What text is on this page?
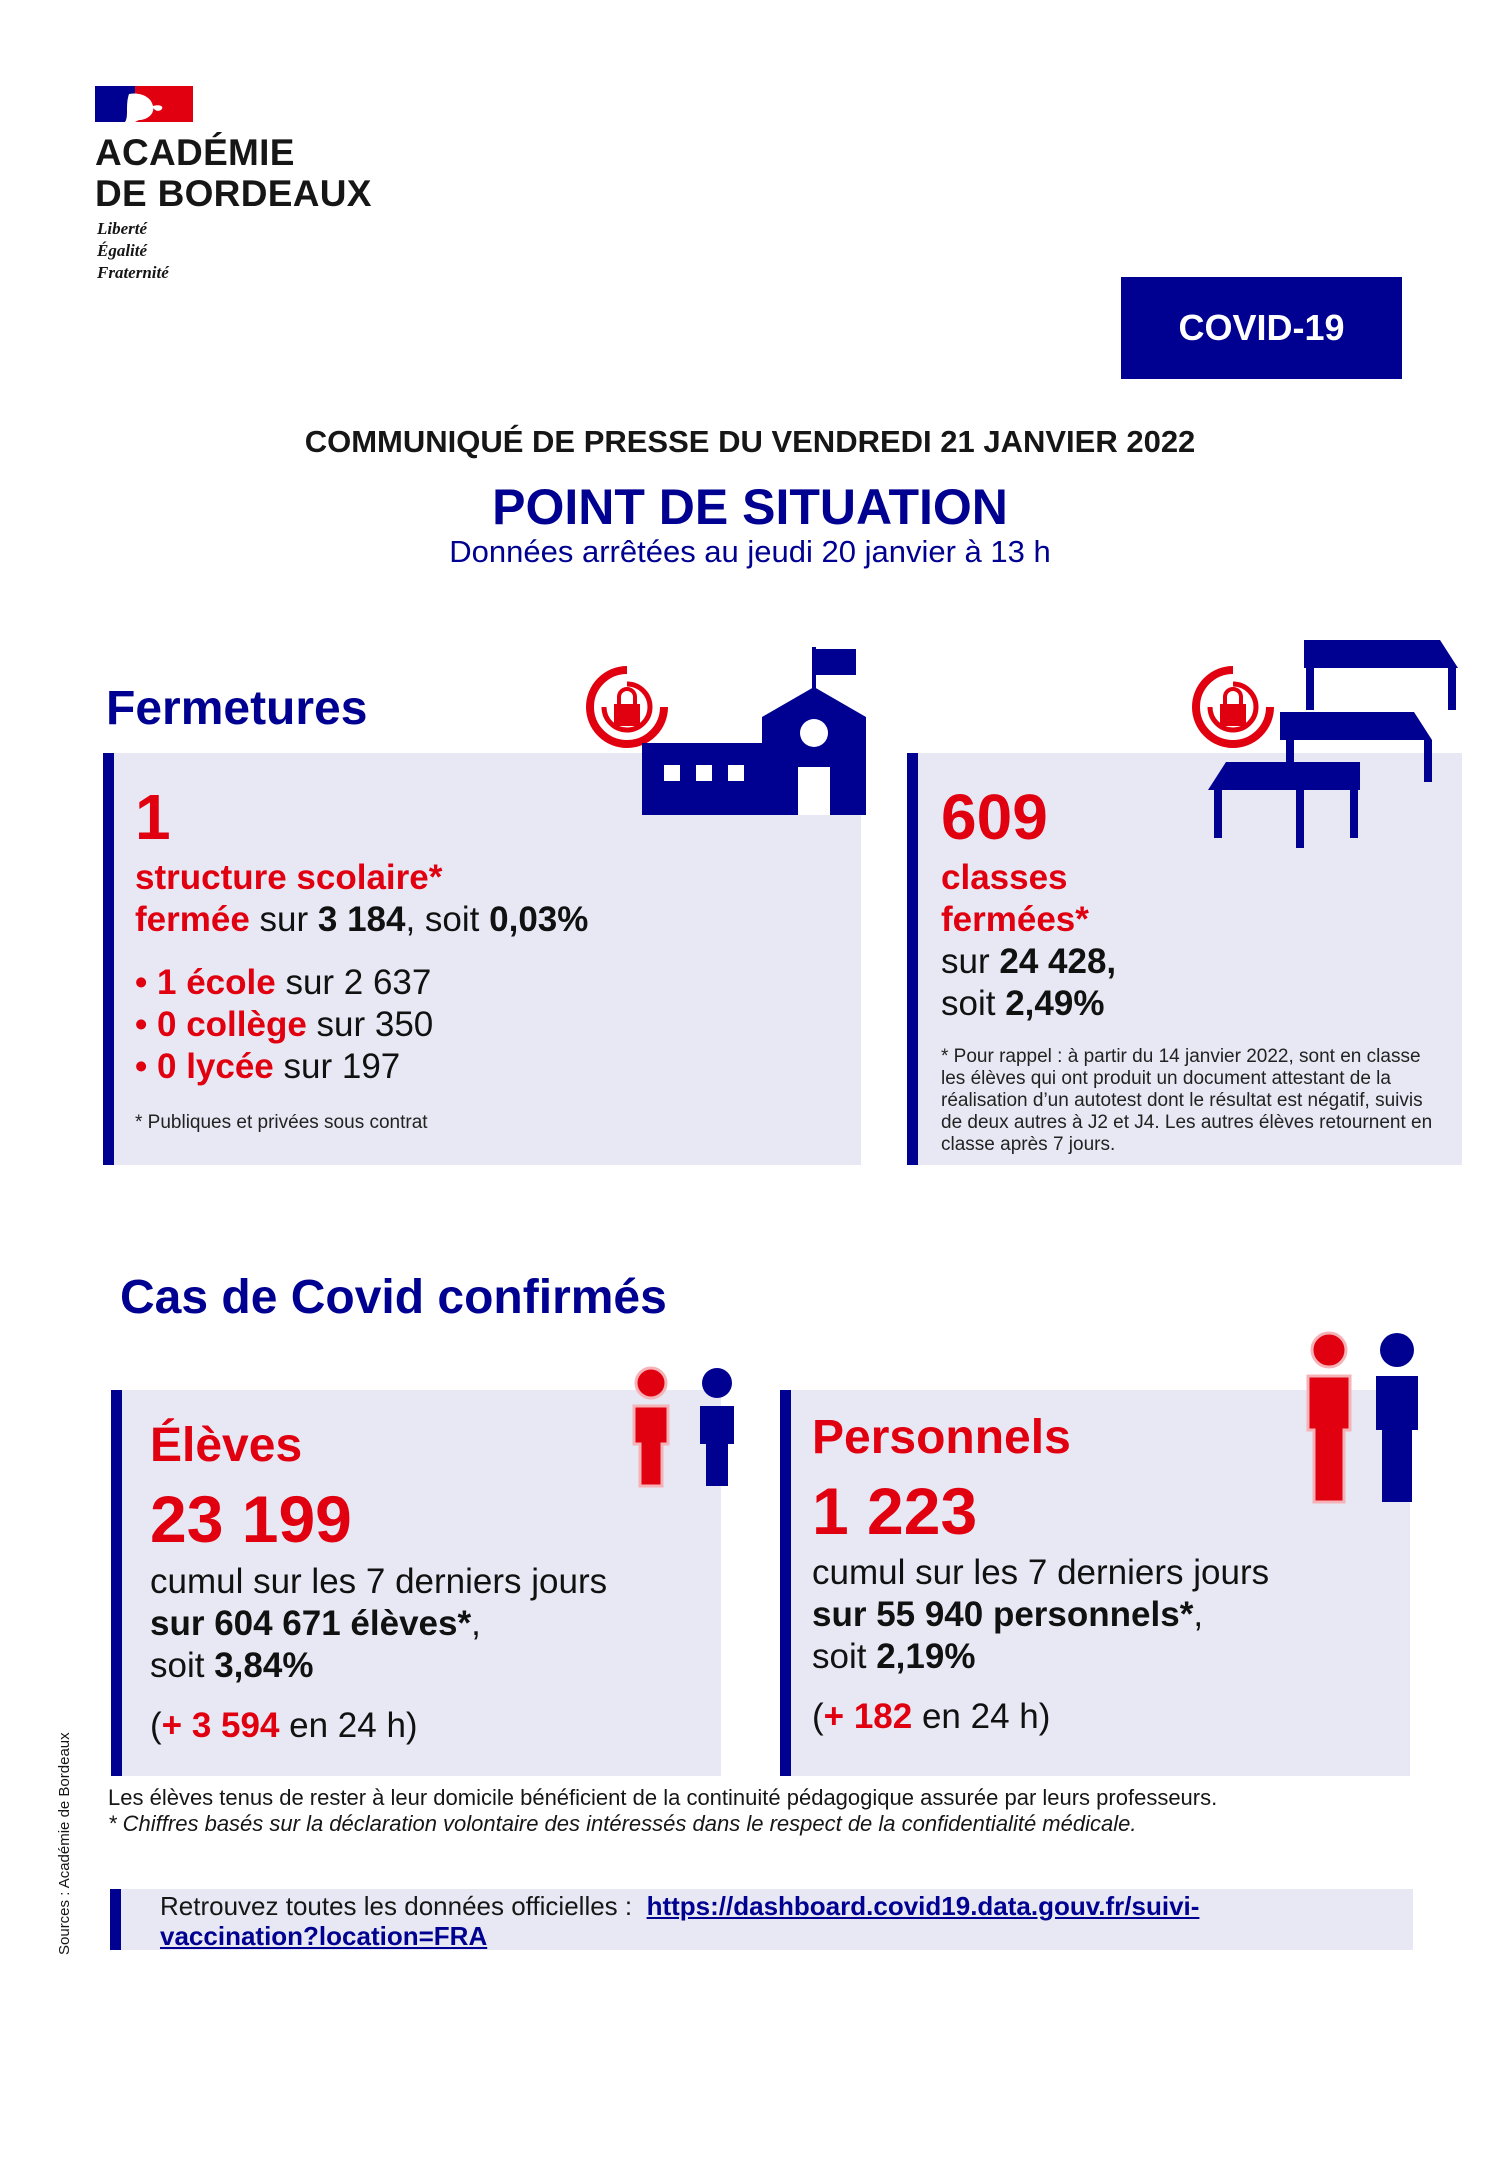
ACADÉMIE
DE BORDEAUX
Liberté
Égalité
Fraternité
COVID-19
COMMUNIQUÉ DE PRESSE DU VENDREDI 21 JANVIER 2022
POINT DE SITUATION
Données arrêtées au jeudi 20 janvier à 13 h
Fermetures
1
structure scolaire*
fermée sur 3 184, soit 0,03%
• 1 école sur 2 637
• 0 collège sur 350
• 0 lycée sur 197
* Publiques et privées sous contrat
609
classes
fermées*
sur 24 428,
soit 2,49%
* Pour rappel : à partir du 14 janvier 2022, sont en classe les élèves qui ont produit un document attestant de la réalisation d’un autotest dont le résultat est négatif, suivis de deux autres à J2 et J4. Les autres élèves retournent en classe après 7 jours.
Cas de Covid confirmés
Élèves
23 199
cumul sur les 7 derniers jours
sur 604 671 élèves*,
soit 3,84%
(+ 3 594 en 24 h)
Personnels
1 223
cumul sur les 7 derniers jours
sur 55 940 personnels*,
soit 2,19%
(+ 182 en 24 h)
Les élèves tenus de rester à leur domicile bénéficient de la continuité pédagogique assurée par leurs professeurs.
* Chiffres basés sur la déclaration volontaire des intéressés dans le respect de la confidentialité médicale.
Retrouvez toutes les données officielles : https://dashboard.covid19.data.gouv.fr/suivi-
vaccination?location=FRA
Sources : Académie de Bordeaux
